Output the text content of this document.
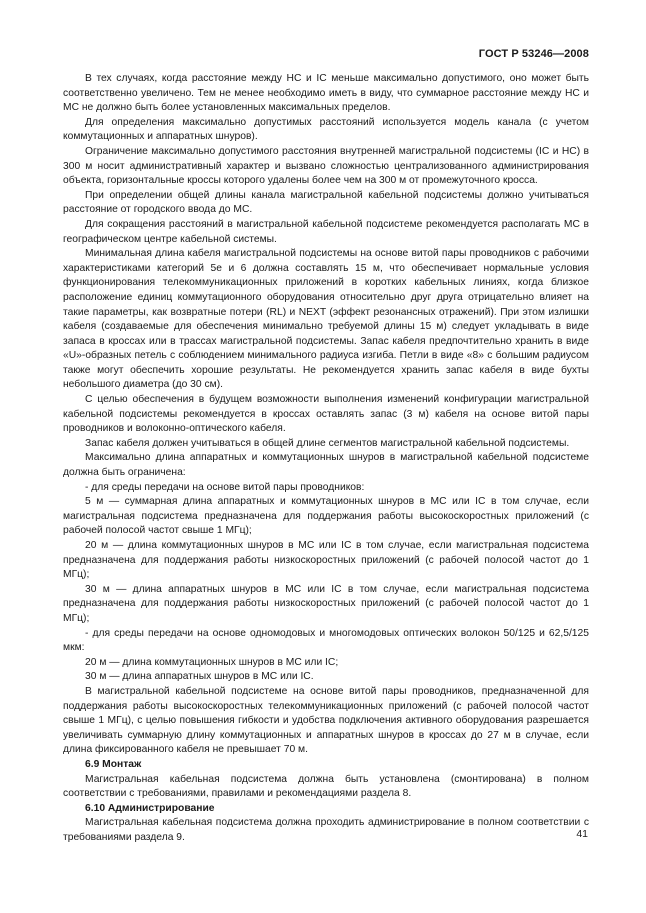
ГОСТ Р 53246—2008

В тех случаях, когда расстояние между НС и IC меньше максимально допустимого, оно может быть соответственно увеличено. Тем не менее необходимо иметь в виду, что суммарное расстояние между НС и МС не должно быть более установленных максимальных пределов.

Для определения максимально допустимых расстояний используется модель канала (с учетом коммутационных и аппаратных шнуров).

Ограничение максимально допустимого расстояния внутренней магистральной подсистемы (IC и НС) в 300 м носит административный характер и вызвано сложностью централизованного администрирования объекта, горизонтальные кроссы которого удалены более чем на 300 м от промежуточного кросса.

При определении общей длины канала магистральной кабельной подсистемы должно учитываться расстояние от городского ввода до МС.

Для сокращения расстояний в магистральной кабельной подсистеме рекомендуется располагать МС в географическом центре кабельной системы.

Минимальная длина кабеля магистральной подсистемы на основе витой пары проводников с рабочими характеристиками категорий 5е и 6 должна составлять 15 м, что обеспечивает нормальные условия функционирования телекоммуникационных приложений в коротких кабельных линиях, когда близкое расположение единиц коммутационного оборудования относительно друг друга отрицательно влияет на такие параметры, как возвратные потери (RL) и NEXT (эффект резонансных отражений). При этом излишки кабеля (создаваемые для обеспечения минимально требуемой длины 15 м) следует укладывать в виде запаса в кроссах или в трассах магистральной подсистемы. Запас кабеля предпочтительно хранить в виде «U»-образных петель с соблюдением минимального радиуса изгиба. Петли в виде «8» с большим радиусом также могут обеспечить хорошие результаты. Не рекомендуется хранить запас кабеля в виде бухты небольшого диаметра (до 30 см).

С целью обеспечения в будущем возможности выполнения изменений конфигурации магистральной кабельной подсистемы рекомендуется в кроссах оставлять запас (3 м) кабеля на основе витой пары проводников и волоконно-оптического кабеля.

Запас кабеля должен учитываться в общей длине сегментов магистральной кабельной подсистемы.

Максимально длина аппаратных и коммутационных шнуров в магистральной кабельной подсистеме должна быть ограничена:

- для среды передачи на основе витой пары проводников:

5 м — суммарная длина аппаратных и коммутационных шнуров в МС или IC в том случае, если магистральная подсистема предназначена для поддержания работы высокоскоростных приложений (с рабочей полосой частот свыше 1 МГц);

20 м — длина коммутационных шнуров в МС или IC в том случае, если магистральная подсистема предназначена для поддержания работы низкоскоростных приложений (с рабочей полосой частот до 1 МГц);

30 м — длина аппаратных шнуров в МС или IC в том случае, если магистральная подсистема предназначена для поддержания работы низкоскоростных приложений (с рабочей полосой частот до 1 МГц);

- для среды передачи на основе одномодовых и многомодовых оптических волокон 50/125 и 62,5/125 мкм:

20 м — длина коммутационных шнуров в МС или IC;

30 м — длина аппаратных шнуров в МС или IC.

В магистральной кабельной подсистеме на основе витой пары проводников, предназначенной для поддержания работы высокоскоростных телекоммуникационных приложений (с рабочей полосой частот свыше 1 МГц), с целью повышения гибкости и удобства подключения активного оборудования разрешается увеличивать суммарную длину коммутационных и аппаратных шнуров в кроссах до 27 м в случае, если длина фиксированного кабеля не превышает 70 м.

6.9 Монтаж

Магистральная кабельная подсистема должна быть установлена (смонтирована) в полном соответствии с требованиями, правилами и рекомендациями раздела 8.

6.10 Администрирование

Магистральная кабельная подсистема должна проходить администрирование в полном соответствии с требованиями раздела 9.	41
